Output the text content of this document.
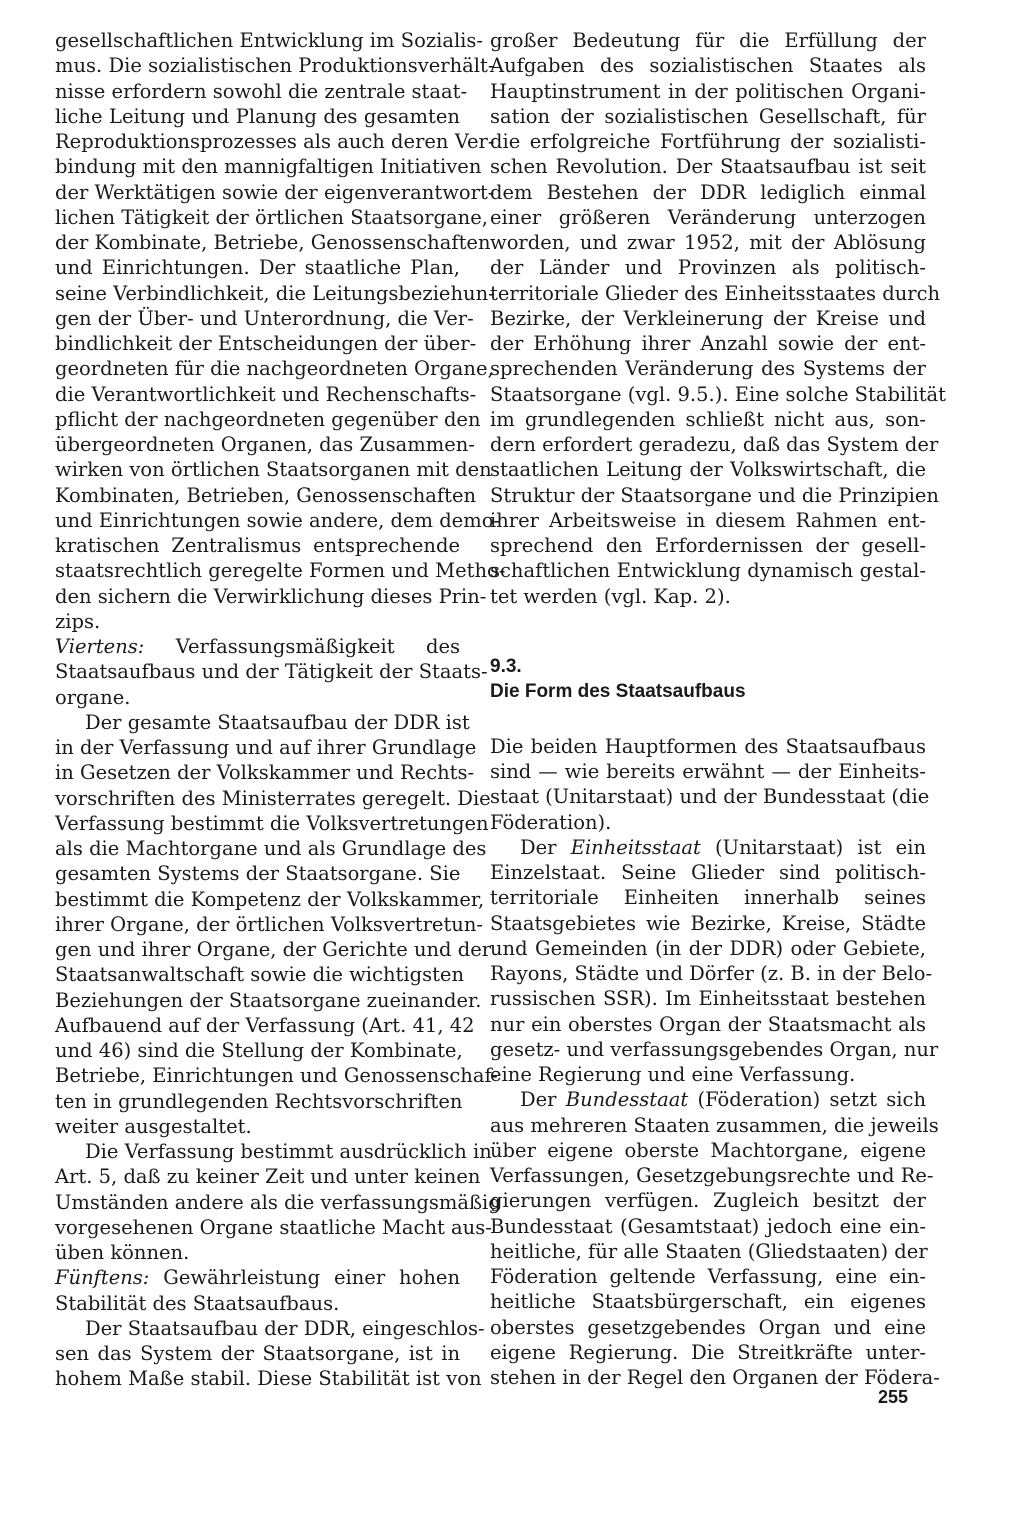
gesellschaftlichen Entwicklung im Sozialis-
mus. Die sozialistischen Produktionsverhält-
nisse erfordern sowohl die zentrale staat-
liche Leitung und Planung des gesamten
Reproduktionsprozesses als auch deren Ver-
bindung mit den mannigfaltigen Initiativen
der Werktätigen sowie der eigenverantwort-
lichen Tätigkeit der örtlichen Staatsorgane,
der Kombinate, Betriebe, Genossenschaften
und Einrichtungen. Der staatliche Plan,
seine Verbindlichkeit, die Leitungsbeziehun-
gen der Über- und Unterordnung, die Ver-
bindlichkeit der Entscheidungen der über-
geordneten für die nachgeordneten Organe,
die Verantwortlichkeit und Rechenschafts-
pflicht der nachgeordneten gegenüber den
übergeordneten Organen, das Zusammen-
wirken von örtlichen Staatsorganen mit den
Kombinaten, Betrieben, Genossenschaften
und Einrichtungen sowie andere, dem demo-
kratischen Zentralismus entsprechende
staatsrechtlich geregelte Formen und Metho-
den sichern die Verwirklichung dieses Prin-
zips.
Viertens: Verfassungsmäßigkeit des
Staatsaufbaus und der Tätigkeit der Staats-
organe.
Der gesamte Staatsaufbau der DDR ist
in der Verfassung und auf ihrer Grundlage
in Gesetzen der Volkskammer und Rechts-
vorschriften des Ministerrates geregelt. Die
Verfassung bestimmt die Volksvertretungen
als die Machtorgane und als Grundlage des
gesamten Systems der Staatsorgane. Sie
bestimmt die Kompetenz der Volkskammer,
ihrer Organe, der örtlichen Volksvertretun-
gen und ihrer Organe, der Gerichte und der
Staatsanwaltschaft sowie die wichtigsten
Beziehungen der Staatsorgane zueinander.
Aufbauend auf der Verfassung (Art. 41, 42
und 46) sind die Stellung der Kombinate,
Betriebe, Einrichtungen und Genossenschaf-
ten in grundlegenden Rechtsvorschriften
weiter ausgestaltet.
Die Verfassung bestimmt ausdrücklich in
Art. 5, daß zu keiner Zeit und unter keinen
Umständen andere als die verfassungsmäßig
vorgesehenen Organe staatliche Macht aus-
üben können.
Fünftens: Gewährleistung einer hohen
Stabilität des Staatsaufbaus.
Der Staatsaufbau der DDR, eingeschlos-
sen das System der Staatsorgane, ist in
hohem Maße stabil. Diese Stabilität ist von
großer Bedeutung für die Erfüllung der
Aufgaben des sozialistischen Staates als
Hauptinstrument in der politischen Organi-
sation der sozialistischen Gesellschaft, für
die erfolgreiche Fortführung der sozialisti-
schen Revolution. Der Staatsaufbau ist seit
dem Bestehen der DDR lediglich einmal
einer größeren Veränderung unterzogen
worden, und zwar 1952, mit der Ablösung
der Länder und Provinzen als politisch-
territoriale Glieder des Einheitsstaates durch
Bezirke, der Verkleinerung der Kreise und
der Erhöhung ihrer Anzahl sowie der ent-
sprechenden Veränderung des Systems der
Staatsorgane (vgl. 9.5.). Eine solche Stabilität
im grundlegenden schließt nicht aus, son-
dern erfordert geradezu, daß das System der
staatlichen Leitung der Volkswirtschaft, die
Struktur der Staatsorgane und die Prinzipien
ihrer Arbeitsweise in diesem Rahmen ent-
sprechend den Erfordernissen der gesell-
schaftlichen Entwicklung dynamisch gestal-
tet werden (vgl. Kap. 2).
9.3.
Die Form des Staatsaufbaus
Die beiden Hauptformen des Staatsaufbaus
sind — wie bereits erwähnt — der Einheits-
staat (Unitarstaat) und der Bundesstaat (die
Föderation).
Der Einheitsstaat (Unitarstaat) ist ein
Einzelstaat. Seine Glieder sind politisch-
territoriale Einheiten innerhalb seines
Staatsgebietes wie Bezirke, Kreise, Städte
und Gemeinden (in der DDR) oder Gebiete,
Rayons, Städte und Dörfer (z. B. in der Belo-
russischen SSR). Im Einheitsstaat bestehen
nur ein oberstes Organ der Staatsmacht als
gesetz- und verfassungsgebendes Organ, nur
eine Regierung und eine Verfassung.
Der Bundesstaat (Föderation) setzt sich
aus mehreren Staaten zusammen, die jeweils
über eigene oberste Machtorgane, eigene
Verfassungen, Gesetzgebungsrechte und Re-
gierungen verfügen. Zugleich besitzt der
Bundesstaat (Gesamtstaat) jedoch eine ein-
heitliche, für alle Staaten (Gliedstaaten) der
Föderation geltende Verfassung, eine ein-
heitliche Staatsbürgerschaft, ein eigenes
oberstes gesetzgebendes Organ und eine
eigene Regierung. Die Streitkräfte unter-
stehen in der Regel den Organen der Födera-
255
